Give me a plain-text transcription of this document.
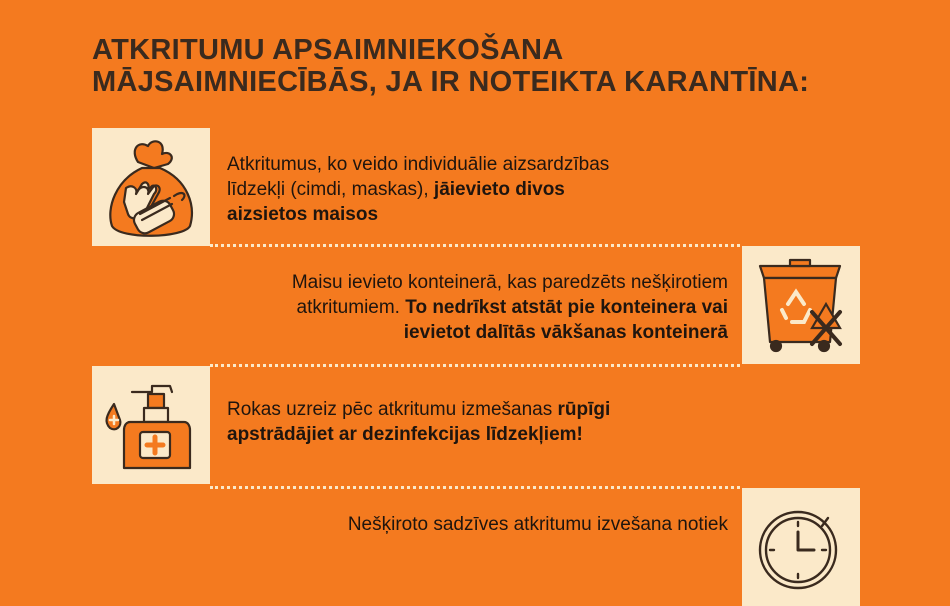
ATKRITUMU APSAIMNIEKOŠANA
MĀJSAIMNIECĪBĀS, JA IR NOTEIKTA KARANTĪNA:
Atkritumus, ko veido individuālie aizsardzības
līdzekļi (cimdi, maskas), jāievieto divos
aizsietos maisos
Maisu ievieto konteinerā, kas paredzēts nešķirotiem
atkritumiem. To nedrīkst atstāt pie konteinera vai
ievietot dalītās vākšanas konteinerā
Rokas uzreiz pēc atkritumu izmešanas rūpīgi
apstrādājiet ar dezinfekcijas līdzekļiem!
Nešķiroto sadzīves atkritumu izvešana notiek
